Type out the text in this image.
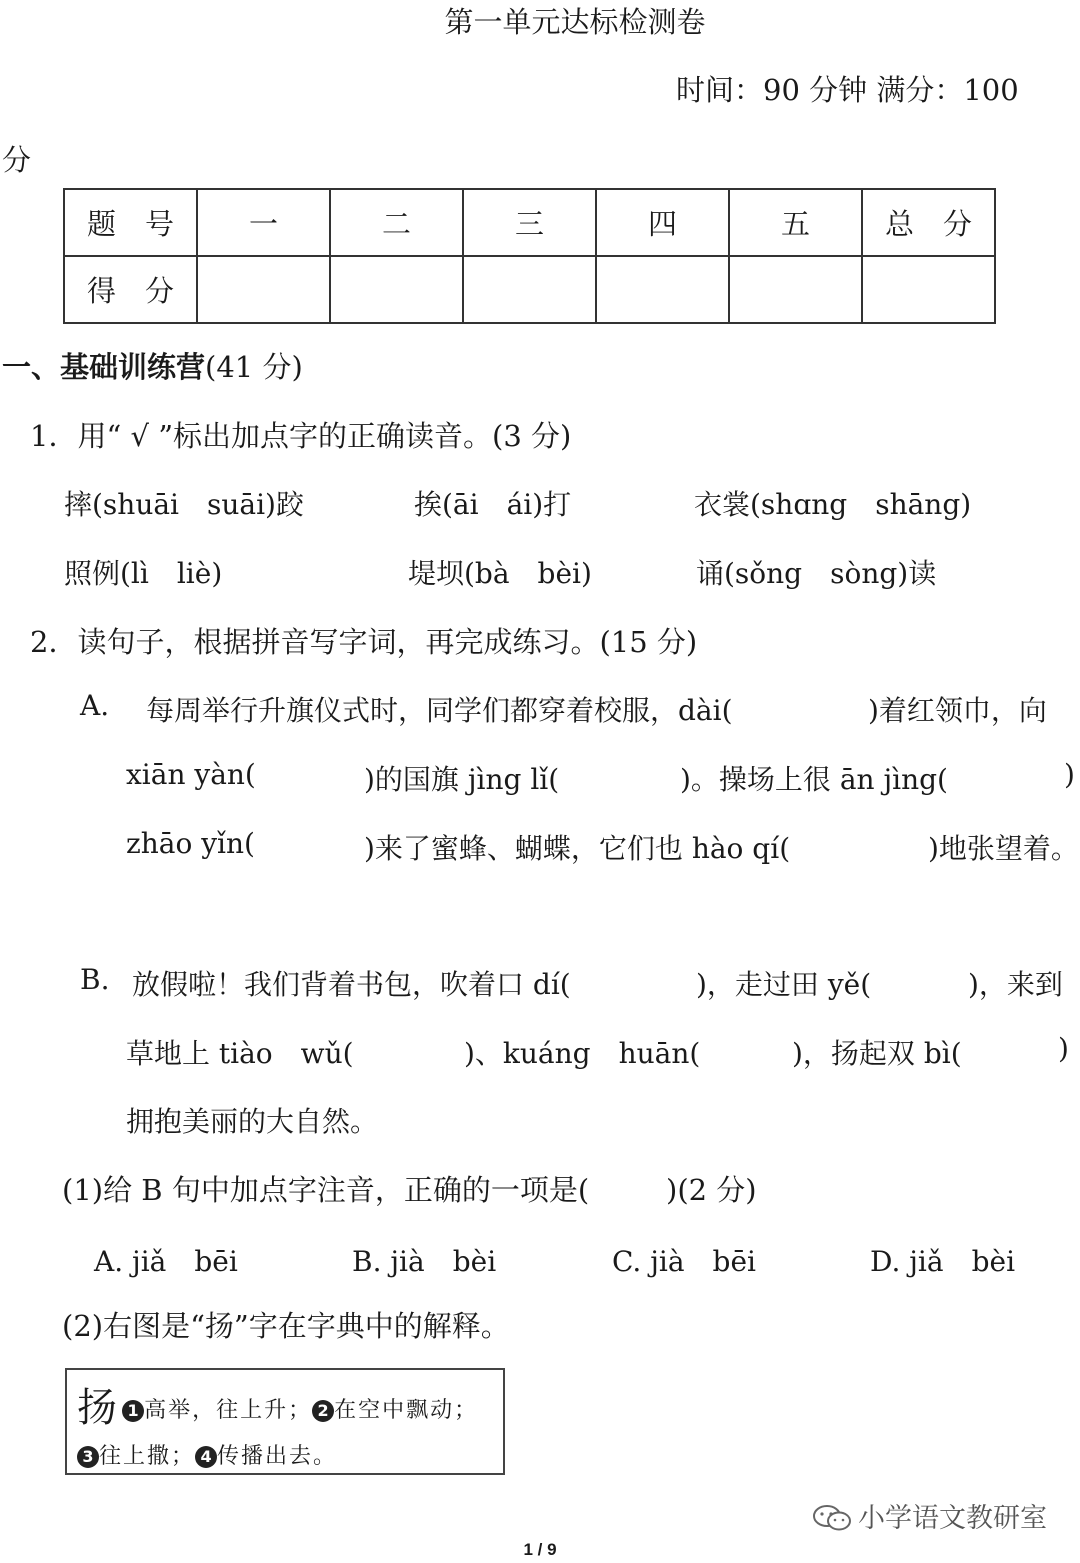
第一单元达标检测卷
时间：90 分钟 满分：100
分
题　号	一	二	三	四	五	总　分
得　分						
一、基础训练营(41 分)
1．用“ √ ”标出加点字的正确读音。(3 分)
摔(shuāi　suāi)跤	挨(āi　ái)打	衣裳(shɑng　shāng)
照例(lì　liè)	堤坝(bà　bèi)	诵(sǒng　sòng)读
2．读句子，根据拼音写字词，再完成练习。(15 分)
A. 每周举行升旗仪式时，同学们都穿着校服，dài(	)着红领巾，向
xiān yàn(	)的国旗 jìng lǐ(	)。操场上很 ān jìng(	)
zhāo yǐn(	)来了蜜蜂、蝴蝶，它们也 hào qí(	)地张望着。
B. 放假啦！我们背着书包，吹着口 dí(	)，走过田 yě(	)，来到
草地上 tiào　wǔ(	)、kuáng　huān(	)，扬起双 bì(	)
拥抱美丽的大自然。
(1)给 B 句中加点字注音，正确的一项是(	)(2 分)
A. jiǎ　bēi	B. jià　bèi	C. jià　bēi	D. jiǎ　bèi
(2)右图是“扬”字在字典中的解释。
扬 1 高举，往上升； 2 在空中飘动；
3 往上撒； 4 传播出去。
小学语文教研室
1 / 9
